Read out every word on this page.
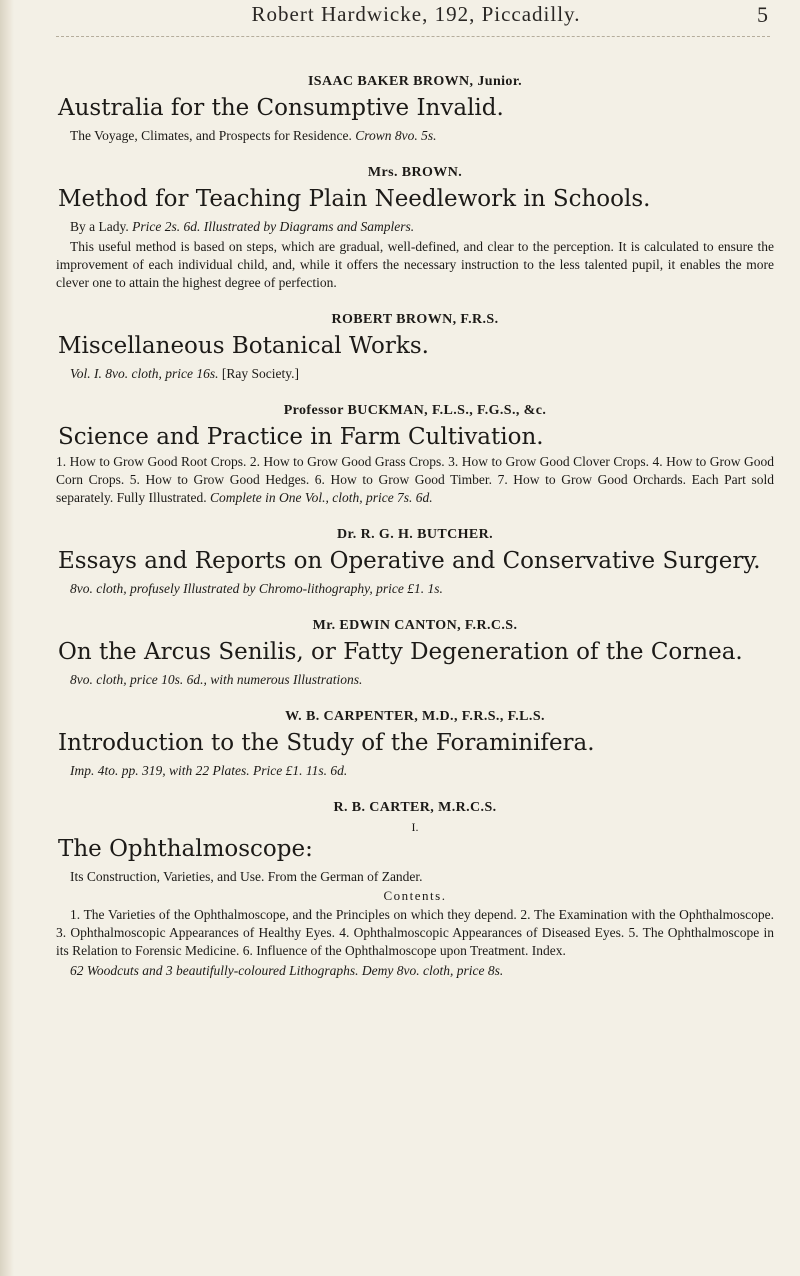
Robert Hardwicke, 192, Piccadilly.	5

ISAAC BAKER BROWN, Junior.

Australia for the Consumptive Invalid.

The Voyage, Climates, and Prospects for Residence. Crown 8vo. 5s.

Mrs. BROWN.

Method for Teaching Plain Needlework in Schools.

By a Lady. Price 2s. 6d. Illustrated by Diagrams and Samplers.

This useful method is based on steps, which are gradual, well-defined, and clear to the perception. It is calculated to ensure the improvement of each individual child, and, while it offers the necessary instruction to the less talented pupil, it enables the more clever one to attain the highest degree of perfection.

ROBERT BROWN, F.R.S.

Miscellaneous Botanical Works.

Vol. I. 8vo. cloth, price 16s. [Ray Society.]

Professor BUCKMAN, F.L.S., F.G.S., &c.

Science and Practice in Farm Cultivation.

1. How to Grow Good Root Crops. 2. How to Grow Good Grass Crops. 3. How to Grow Good Clover Crops. 4. How to Grow Good Corn Crops. 5. How to Grow Good Hedges. 6. How to Grow Good Timber. 7. How to Grow Good Orchards. Each Part sold separately. Fully Illustrated. Complete in One Vol., cloth, price 7s. 6d.

Dr. R. G. H. BUTCHER.

Essays and Reports on Operative and Conservative Surgery.

8vo. cloth, profusely Illustrated by Chromo-lithography, price £1. 1s.

Mr. EDWIN CANTON, F.R.C.S.

On the Arcus Senilis, or Fatty Degeneration of the Cornea.

8vo. cloth, price 10s. 6d., with numerous Illustrations.

W. B. CARPENTER, M.D., F.R.S., F.L.S.

Introduction to the Study of the Foraminifera.

Imp. 4to. pp. 319, with 22 Plates. Price £1. 11s. 6d.

R. B. CARTER, M.R.C.S.

I.

The Ophthalmoscope:

Its Construction, Varieties, and Use. From the German of Zander.

Contents.

1. The Varieties of the Ophthalmoscope, and the Principles on which they depend. 2. The Examination with the Ophthalmoscope. 3. Ophthalmoscopic Appearances of Healthy Eyes. 4. Ophthalmoscopic Appearances of Diseased Eyes. 5. The Ophthalmoscope in its Relation to Forensic Medicine. 6. Influence of the Ophthalmoscope upon Treatment. Index.

62 Woodcuts and 3 beautifully-coloured Lithographs. Demy 8vo. cloth, price 8s.
